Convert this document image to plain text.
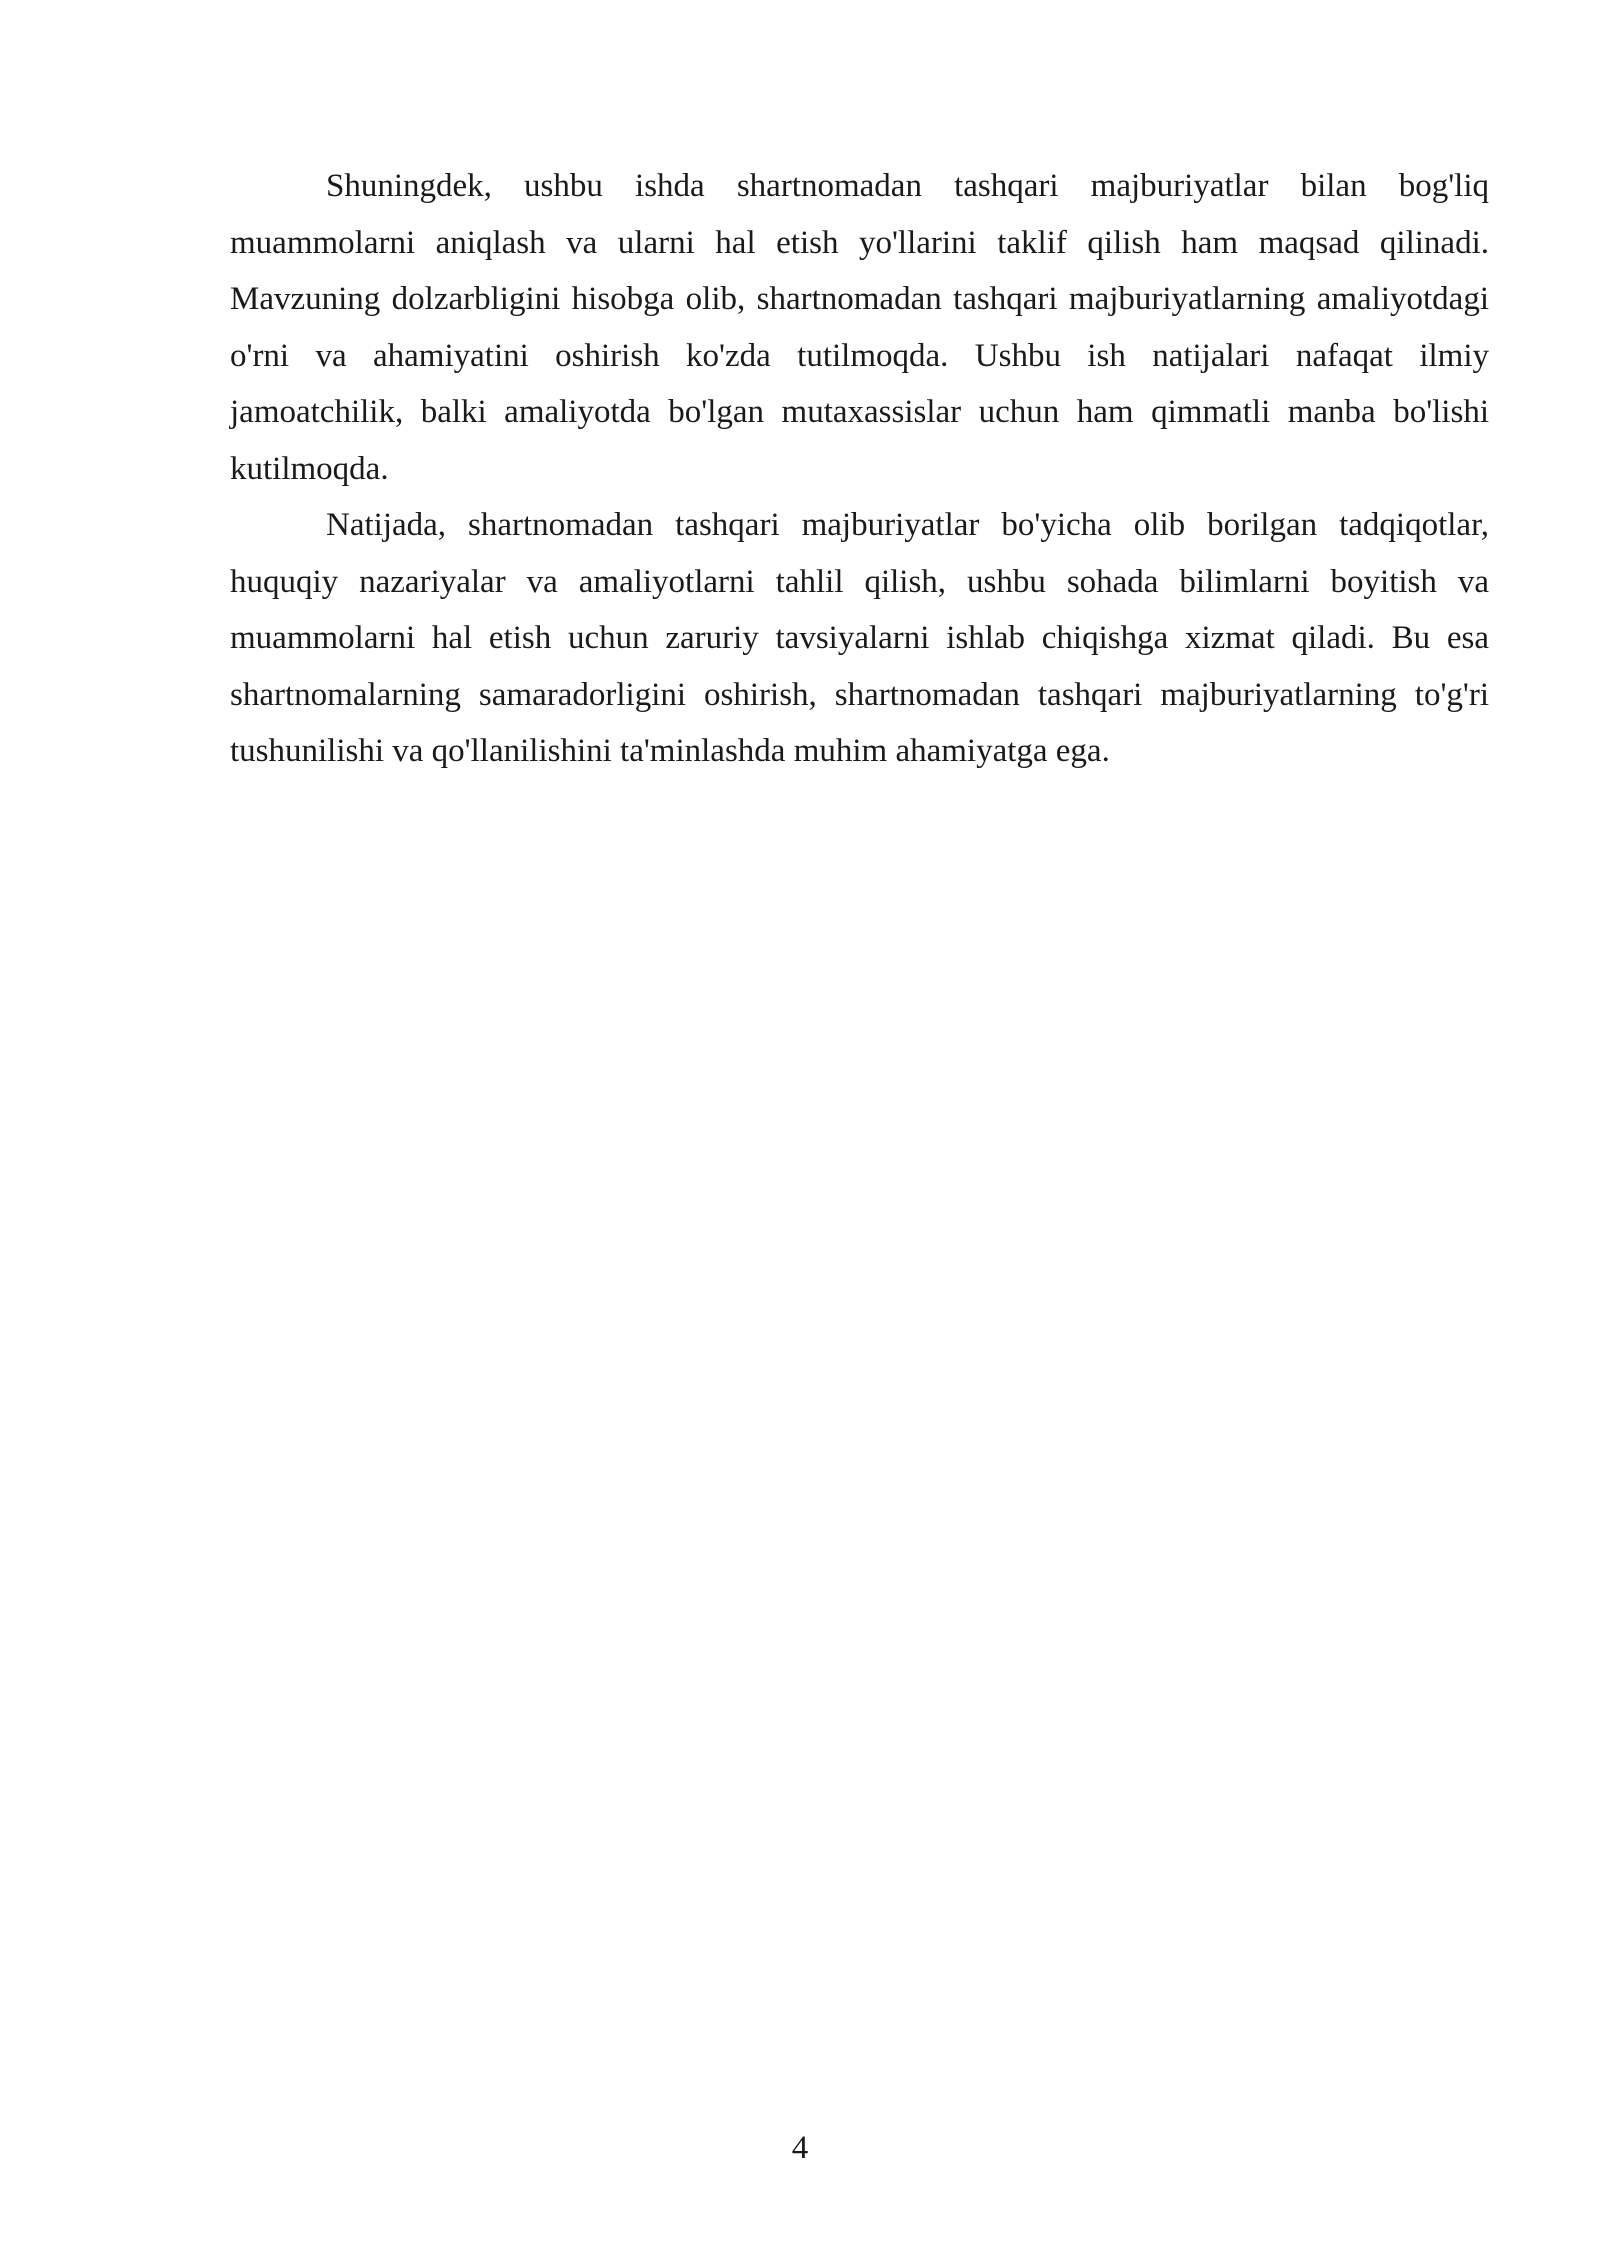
Shuningdek, ushbu ishda shartnomadan tashqari majburiyatlar bilan bog'liq muammolarni aniqlash va ularni hal etish yo'llarini taklif qilish ham maqsad qilinadi. Mavzuning dolzarbligini hisobga olib, shartnomadan tashqari majburiyatlarning amaliyotdagi o'rni va ahamiyatini oshirish ko'zda tutilmoqda. Ushbu ish natijalari nafaqat ilmiy jamoatchilik, balki amaliyotda bo'lgan mutaxassislar uchun ham qimmatli manba bo'lishi kutilmoqda.

Natijada, shartnomadan tashqari majburiyatlar bo'yicha olib borilgan tadqiqotlar, huquqiy nazariyalar va amaliyotlarni tahlil qilish, ushbu sohada bilimlarni boyitish va muammolarni hal etish uchun zaruriy tavsiyalarni ishlab chiqishga xizmat qiladi. Bu esa shartnomalarning samaradorligini oshirish, shartnomadan tashqari majburiyatlarning to'g'ri tushunilishi va qo'llanilishini ta'minlashda muhim ahamiyatga ega.

4
